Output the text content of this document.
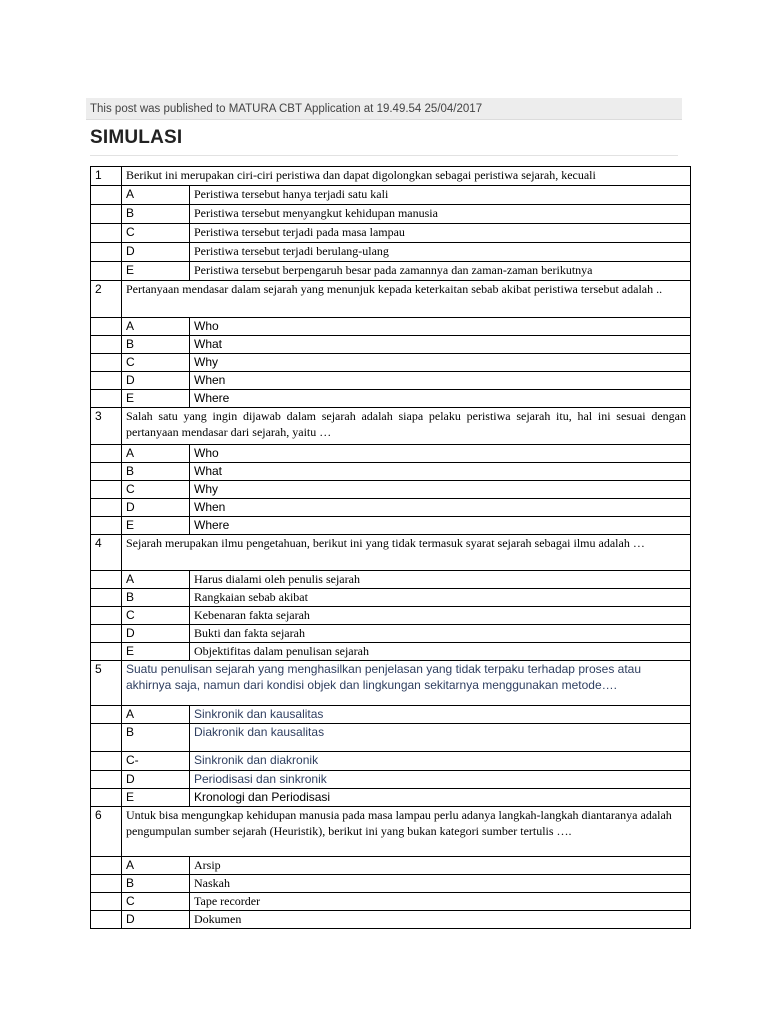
This post was published to MATURA CBT Application at 19.49.54 25/04/2017
SIMULASI
1	Berikut ini merupakan ciri-ciri peristiwa dan dapat digolongkan sebagai peristiwa sejarah, kecuali	
	A	Peristiwa tersebut hanya terjadi satu kali
	B	Peristiwa tersebut menyangkut kehidupan manusia
	C	Peristiwa tersebut terjadi pada masa lampau
	D	Peristiwa tersebut terjadi berulang-ulang
	E	Peristiwa tersebut berpengaruh besar pada zamannya dan zaman-zaman berikutnya
2	Pertanyaan mendasar dalam sejarah yang menunjuk kepada keterkaitan sebab akibat peristiwa tersebut adalah ..	
	A	Who
	B	What
	C	Why
	D	When
	E	Where
3	Salah satu yang ingin dijawab dalam sejarah adalah siapa pelaku peristiwa sejarah itu, hal ini sesuai dengan pertanyaan mendasar dari sejarah, yaitu …	
	A	Who
	B	What
	C	Why
	D	When
	E	Where
4	Sejarah merupakan ilmu pengetahuan, berikut ini yang tidak termasuk syarat sejarah sebagai ilmu adalah …	
	A	Harus dialami oleh penulis sejarah
	B	Rangkaian sebab akibat
	C	Kebenaran fakta sejarah
	D	Bukti dan fakta sejarah
	E	Objektifitas dalam penulisan sejarah
5	Suatu penulisan sejarah yang menghasilkan penjelasan yang tidak terpaku terhadap proses atau akhirnya saja, namun dari kondisi objek dan lingkungan sekitarnya menggunakan metode….	
	A	Sinkronik dan kausalitas
	B	Diakronik dan kausalitas
	C-	Sinkronik dan diakronik
	D	Periodisasi dan sinkronik
	E	Kronologi dan Periodisasi
6	Untuk bisa mengungkap kehidupan manusia pada masa lampau perlu adanya langkah-langkah diantaranya adalah pengumpulan sumber sejarah (Heuristik), berikut ini yang bukan kategori sumber tertulis ….	
	A	Arsip
	B	Naskah
	C	Tape recorder
	D	Dokumen
